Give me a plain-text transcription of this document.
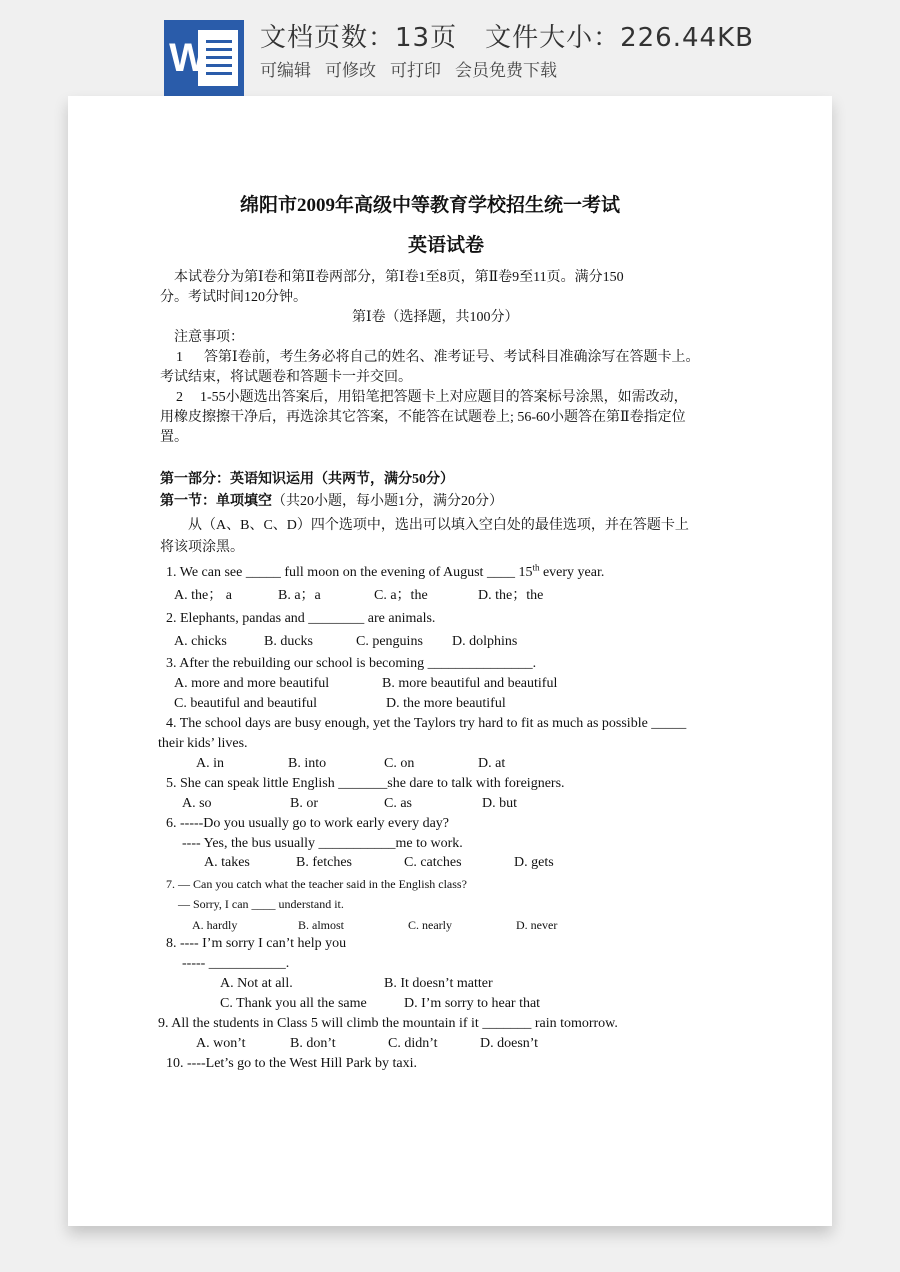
W 文档页数：13页 文件大小：226.44KB
可编辑 可修改 可打印 会员免费下载
绵阳市2009年高级中等教育学校招生统一考试
英语试卷
本试卷分为第Ⅰ卷和第Ⅱ卷两部分，第Ⅰ卷1至8页，第Ⅱ卷9至11页。满分150
分。考试时间120分钟。
第Ⅰ卷（选择题，共100分）
注意事项：
1 答第Ⅰ卷前，考生务必将自己的姓名、准考证号、考试科目准确涂写在答题卡上。
考试结束，将试题卷和答题卡一并交回。
2 1-55小题选出答案后，用铅笔把答题卡上对应题目的答案标号涂黑，如需改动，
用橡皮擦擦干净后，再选涂其它答案，不能答在试题卷上; 56-60小题答在第Ⅱ卷指定位
置。
第一部分：英语知识运用（共两节，满分50分）
第一节：单项填空（共20小题，每小题1分，满分20分）
从（A、B、C、D）四个选项中，选出可以填入空白处的最佳选项，并在答题卡上
将该项涂黑。
1. We can see _____ full moon on the evening of August ____ 15th every year.
A. the； a	B. a；a	C. a；the	D. the；the
2. Elephants, pandas and ________ are animals.
A. chicks	B. ducks	C. penguins D. dolphins
3. After the rebuilding our school is becoming _______________.
A. more and more beautiful	B. more beautiful and beautiful
C. beautiful and beautiful	D. the more beautiful
4. The school days are busy enough, yet the Taylors try hard to fit as much as possible _____
their kids’ lives.
A. in	B. into	C. on	D. at
5. She can speak little English _______she dare to talk with foreigners.
A. so	B. or	C. as	D. but
6. -----Do you usually go to work early every day?
---- Yes, the bus usually ___________me to work.
A. takes	B. fetches	C. catches	D. gets
7. — Can you catch what the teacher said in the English class?
— Sorry, I can ____ understand it.
A. hardly	B. almost	C. nearly	D. never
8. ---- I’m sorry I can’t help you
----- ___________.
A. Not at all.	B. It doesn’t matter
C. Thank you all the same	D. I’m sorry to hear that
9. All the students in Class 5 will climb the mountain if it _______ rain tomorrow.
A. won’t	B. don’t	C. didn’t	D. doesn’t
10. ----Let’s go to the West Hill Park by taxi.
